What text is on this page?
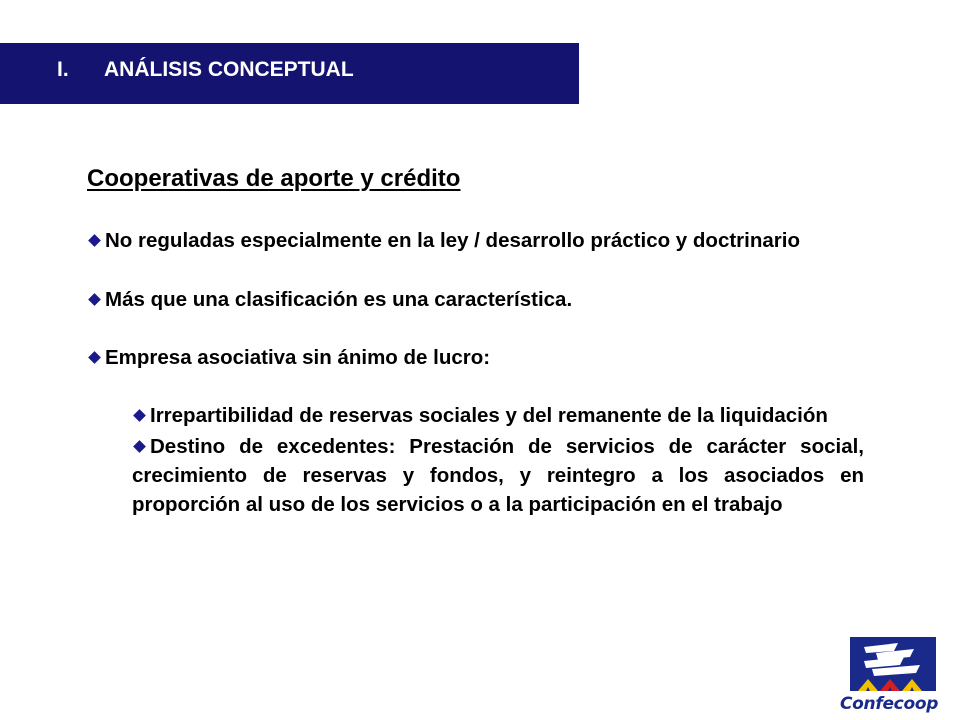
I. ANÁLISIS CONCEPTUAL

Cooperativas de aporte y crédito

No reguladas especialmente en la ley / desarrollo práctico y doctrinario

Más que una clasificación es una característica.

Empresa asociativa sin ánimo de lucro:

Irrepartibilidad de reservas sociales y del remanente de la liquidación

Destino de excedentes: Prestación de servicios de carácter social, crecimiento de reservas y fondos, y reintegro a los asociados en proporción al uso de los servicios o a la participación en el trabajo

Confecoop
